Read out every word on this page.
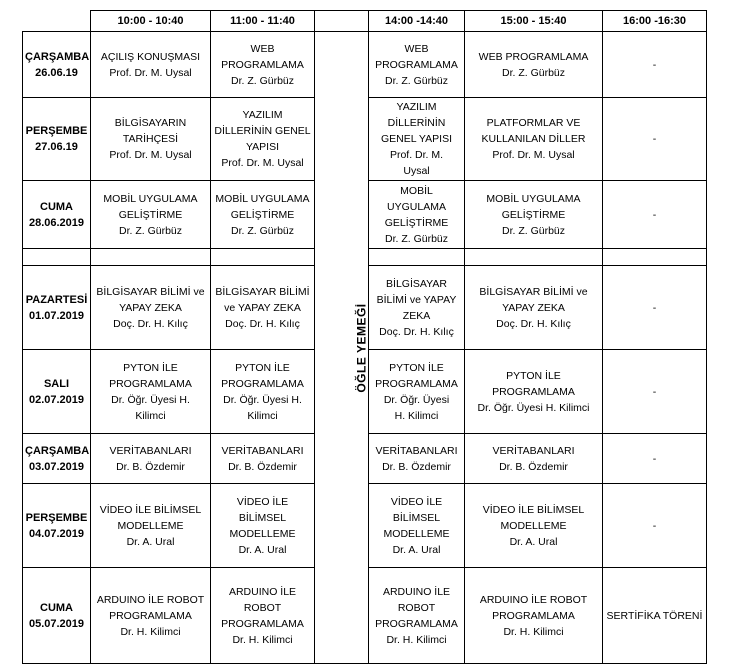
	10:00 - 10:40	11:00 - 11:40		14:00 -14:40	15:00 - 15:40	16:00 -16:30

ÇARŞAMBA
26.06.19	AÇILIŞ KONUŞMASI
Prof. Dr. M. Uysal	WEB
PROGRAMLAMA
Dr. Z. Gürbüz	ÖĞLE YEMEĞİ	WEB
PROGRAMLAMA
Dr. Z. Gürbüz	WEB PROGRAMLAMA
Dr. Z. Gürbüz	-

PERŞEMBE
27.06.19	BİLGİSAYARIN
TARİHÇESİ
Prof. Dr. M. Uysal	YAZILIM
DİLLERİNİN GENEL
YAPISI
Prof. Dr. M. Uysal		YAZILIM
DİLLERİNİN
GENEL YAPISI
Prof. Dr. M.
Uysal	PLATFORMLAR VE
KULLANILAN DİLLER
Prof. Dr. M. Uysal	-

CUMA
28.06.2019	MOBİL UYGULAMA
GELİŞTİRME
Dr. Z. Gürbüz	MOBİL UYGULAMA
GELİŞTİRME
Dr. Z. Gürbüz		MOBİL
UYGULAMA
GELİŞTİRME
Dr. Z. Gürbüz	MOBİL UYGULAMA
GELİŞTİRME
Dr. Z. Gürbüz	-

PAZARTESİ
01.07.2019	BİLGİSAYAR BİLİMİ ve
YAPAY ZEKA
Doç. Dr. H. Kılıç	BİLGİSAYAR BİLİMİ
ve YAPAY ZEKA
Doç. Dr. H. Kılıç		BİLGİSAYAR
BİLİMİ ve YAPAY
ZEKA
Doç. Dr. H. Kılıç	BİLGİSAYAR BİLİMİ ve
YAPAY ZEKA
Doç. Dr. H. Kılıç	-

SALI
02.07.2019	PYTON İLE
PROGRAMLAMA
Dr. Öğr. Üyesi H.
Kilimci	PYTON İLE
PROGRAMLAMA
Dr. Öğr. Üyesi H.
Kilimci		PYTON İLE
PROGRAMLAMA
Dr. Öğr. Üyesi
H. Kilimci	PYTON İLE
PROGRAMLAMA
Dr. Öğr. Üyesi H. Kilimci	-

ÇARŞAMBA
03.07.2019	VERİTABANLARI
Dr. B. Özdemir	VERİTABANLARI
Dr. B. Özdemir		VERİTABANLARI
Dr. B. Özdemir	VERİTABANLARI
Dr. B. Özdemir	-

PERŞEMBE
04.07.2019	VİDEO İLE BİLİMSEL
MODELLEME
Dr. A. Ural	VİDEO İLE
BİLİMSEL
MODELLEME
Dr. A. Ural		VİDEO İLE
BİLİMSEL
MODELLEME
Dr. A. Ural	VİDEO İLE BİLİMSEL
MODELLEME
Dr. A. Ural	-

CUMA
05.07.2019	ARDUINO İLE ROBOT
PROGRAMLAMA
Dr. H. Kilimci	ARDUINO İLE
ROBOT
PROGRAMLAMA
Dr. H. Kilimci		ARDUINO İLE
ROBOT
PROGRAMLAMA
Dr. H. Kilimci	ARDUINO İLE ROBOT
PROGRAMLAMA
Dr. H. Kilimci	SERTİFİKA TÖRENİ
